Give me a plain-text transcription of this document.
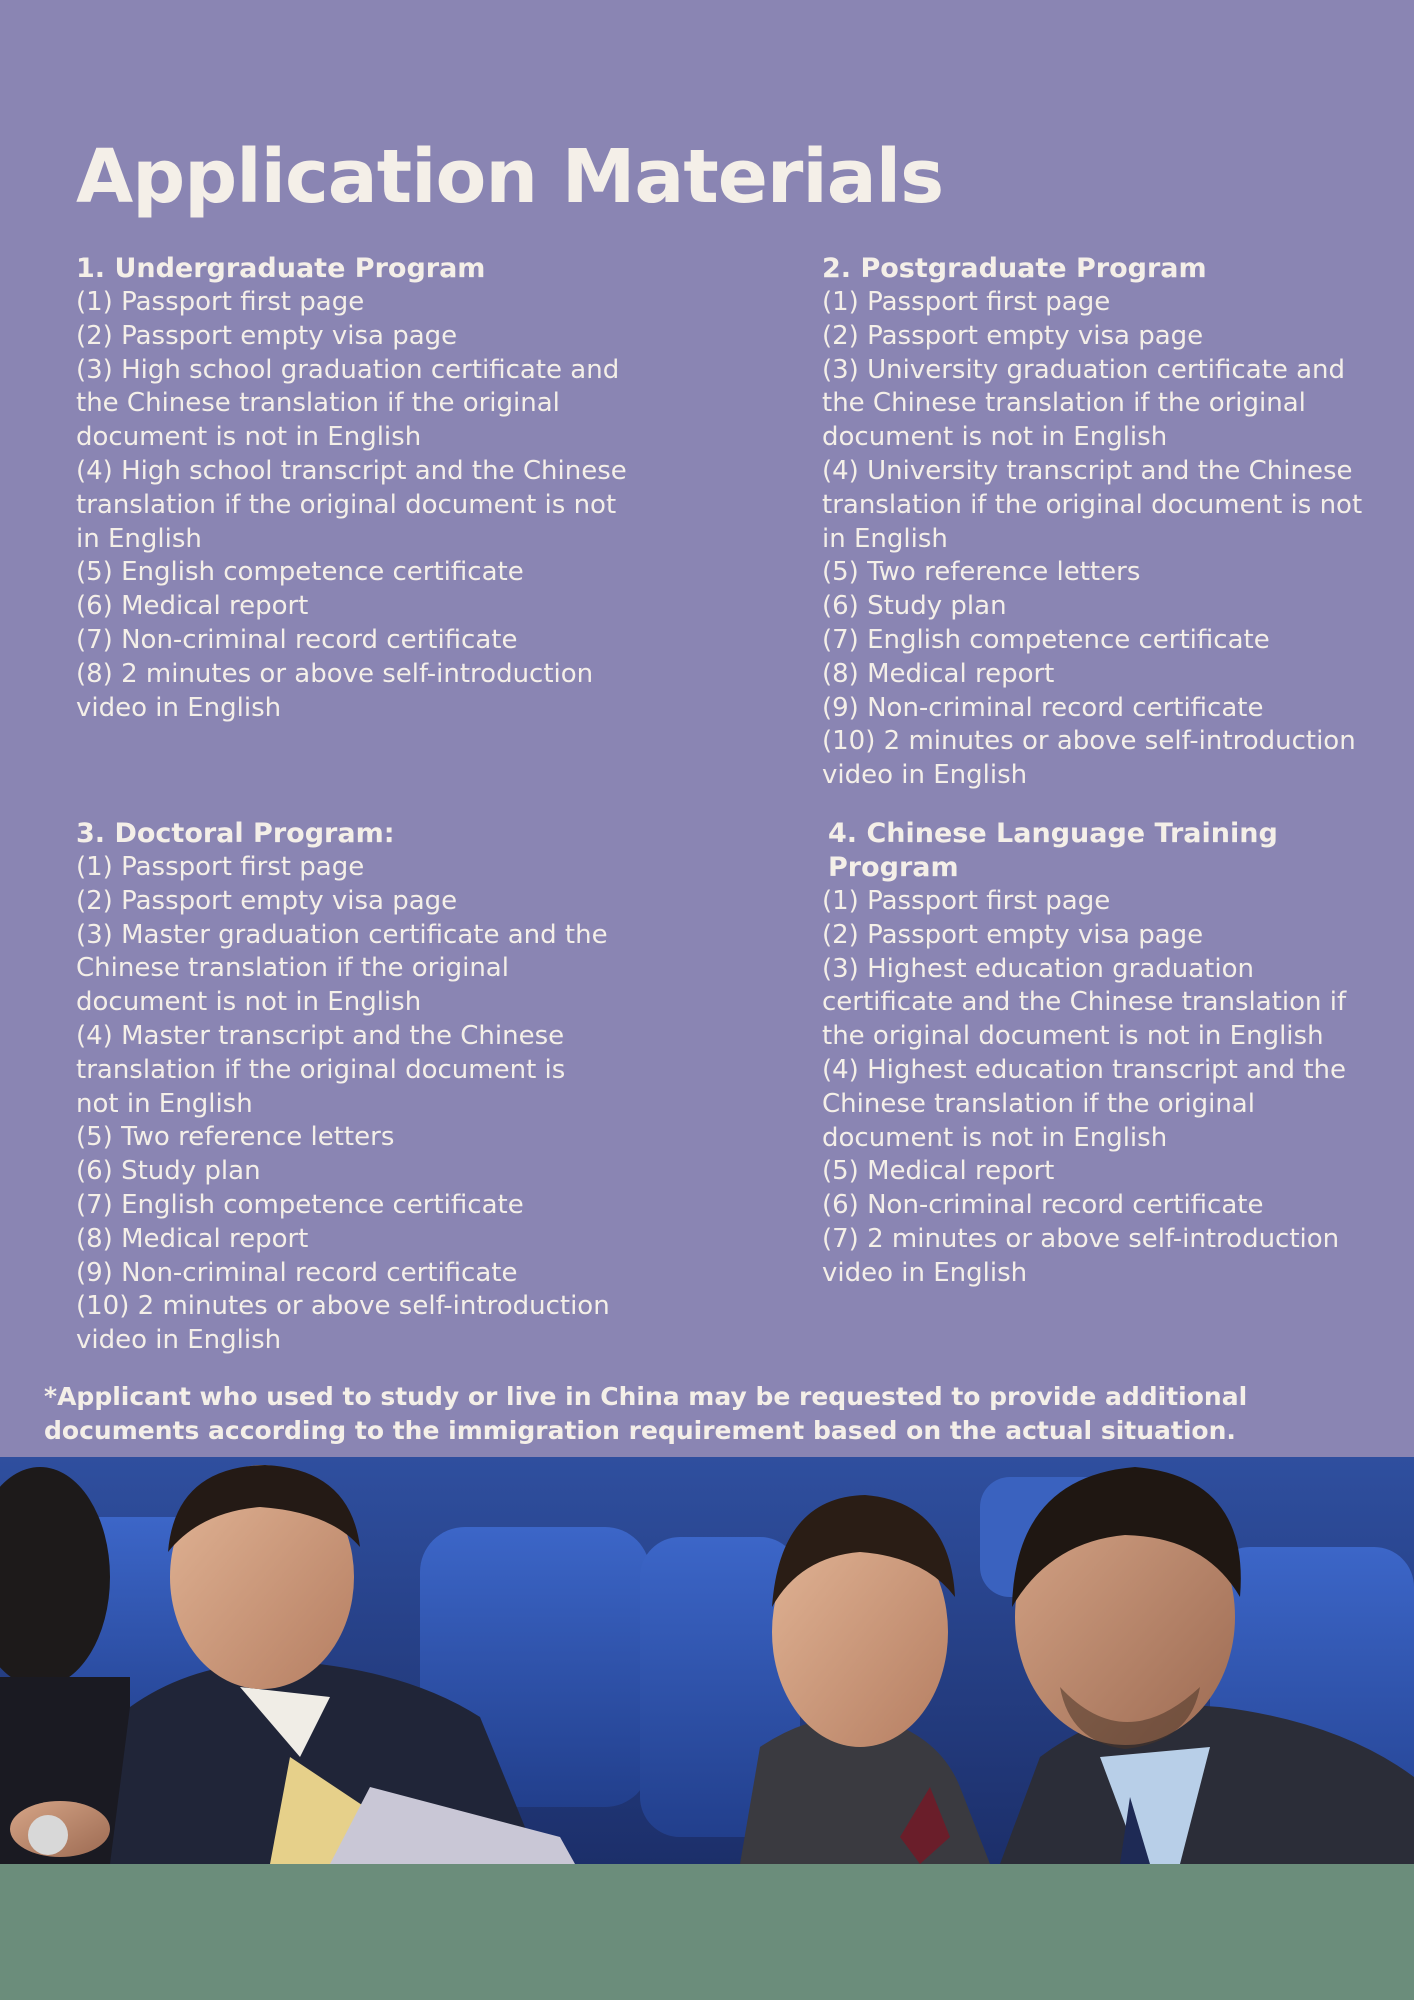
Application Materials
1. Undergraduate Program
(1) Passport first page
(2) Passport empty visa page
(3) High school graduation certificate and the Chinese translation if the original document is not in English
(4) High school transcript and the Chinese translation if the original document is not in English
(5) English competence certificate
(6) Medical report
(7) Non-criminal record certificate
(8) 2 minutes or above self-introduction video in English
2. Postgraduate Program
(1) Passport first page
(2) Passport empty visa page
(3) University graduation certificate and the Chinese translation if the original document is not in English
(4) University transcript and the Chinese translation if the original document is not in English
(5) Two reference letters
(6) Study plan
(7) English competence certificate
(8) Medical report
(9) Non-criminal record certificate
(10) 2 minutes or above self-introduction video in English
3. Doctoral Program:
(1) Passport first page
(2) Passport empty visa page
(3) Master graduation certificate and the Chinese translation if the original document is not in English
(4) Master transcript and the Chinese translation if the original document is not in English
(5) Two reference letters
(6) Study plan
(7) English competence certificate
(8) Medical report
(9) Non-criminal record certificate
(10) 2 minutes or above self-introduction video in English
4. Chinese Language Training Program
(1) Passport first page
(2) Passport empty visa page
(3) Highest education graduation certificate and the Chinese translation if the original document is not in English
(4) Highest education transcript and the Chinese translation if the original document is not in English
(5) Medical report
(6) Non-criminal record certificate
(7) 2 minutes or above self-introduction video in English

*Applicant who used to study or live in China may be requested to provide additional documents according to the immigration requirement based on the actual situation.
